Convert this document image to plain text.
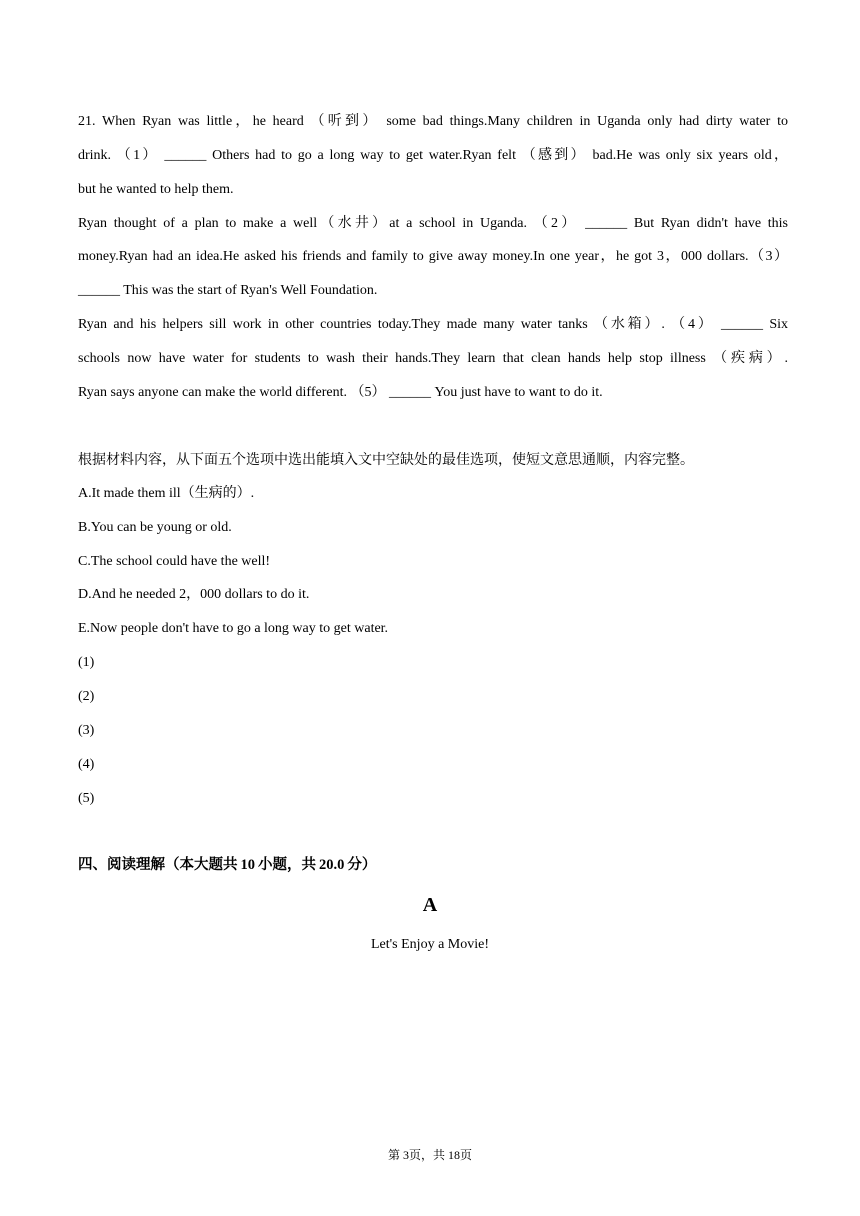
21. When Ryan was little，he heard （听到） some bad things.Many children in Uganda only had dirty water to
drink. （1） ______ Others had to go a long way to get water.Ryan felt （感到） bad.He was only six years old，
but he wanted to help them.
Ryan thought of a plan to make a well（水井）at a school in Uganda. （2） ______ But Ryan didn't have this
money.Ryan had an idea.He asked his friends and family to give away money.In one year，he got 3，000 dollars.（3）
______ This was the start of Ryan's Well Foundation.
Ryan and his helpers sill work in other countries today.They made many water tanks （水箱）. （4） ______ Six
schools now have water for students to wash their hands.They learn that clean hands help stop illness （疾病）.
Ryan says anyone can make the world different. （5） ______ You just have to want to do it.
根据材料内容，从下面五个选项中选出能填入文中空缺处的最佳选项，使短文意思通顺，内容完整。
A.It made them ill（生病的）.
B.You can be young or old.
C.The school could have the well!
D.And he needed 2，000 dollars to do it.
E.Now people don't have to go a long way to get water.
(1)
(2)
(3)
(4)
(5)
四、阅读理解（本大题共 10 小题，共 20.0 分）
A
Let's Enjoy a Movie!
第 3页，共 18页
